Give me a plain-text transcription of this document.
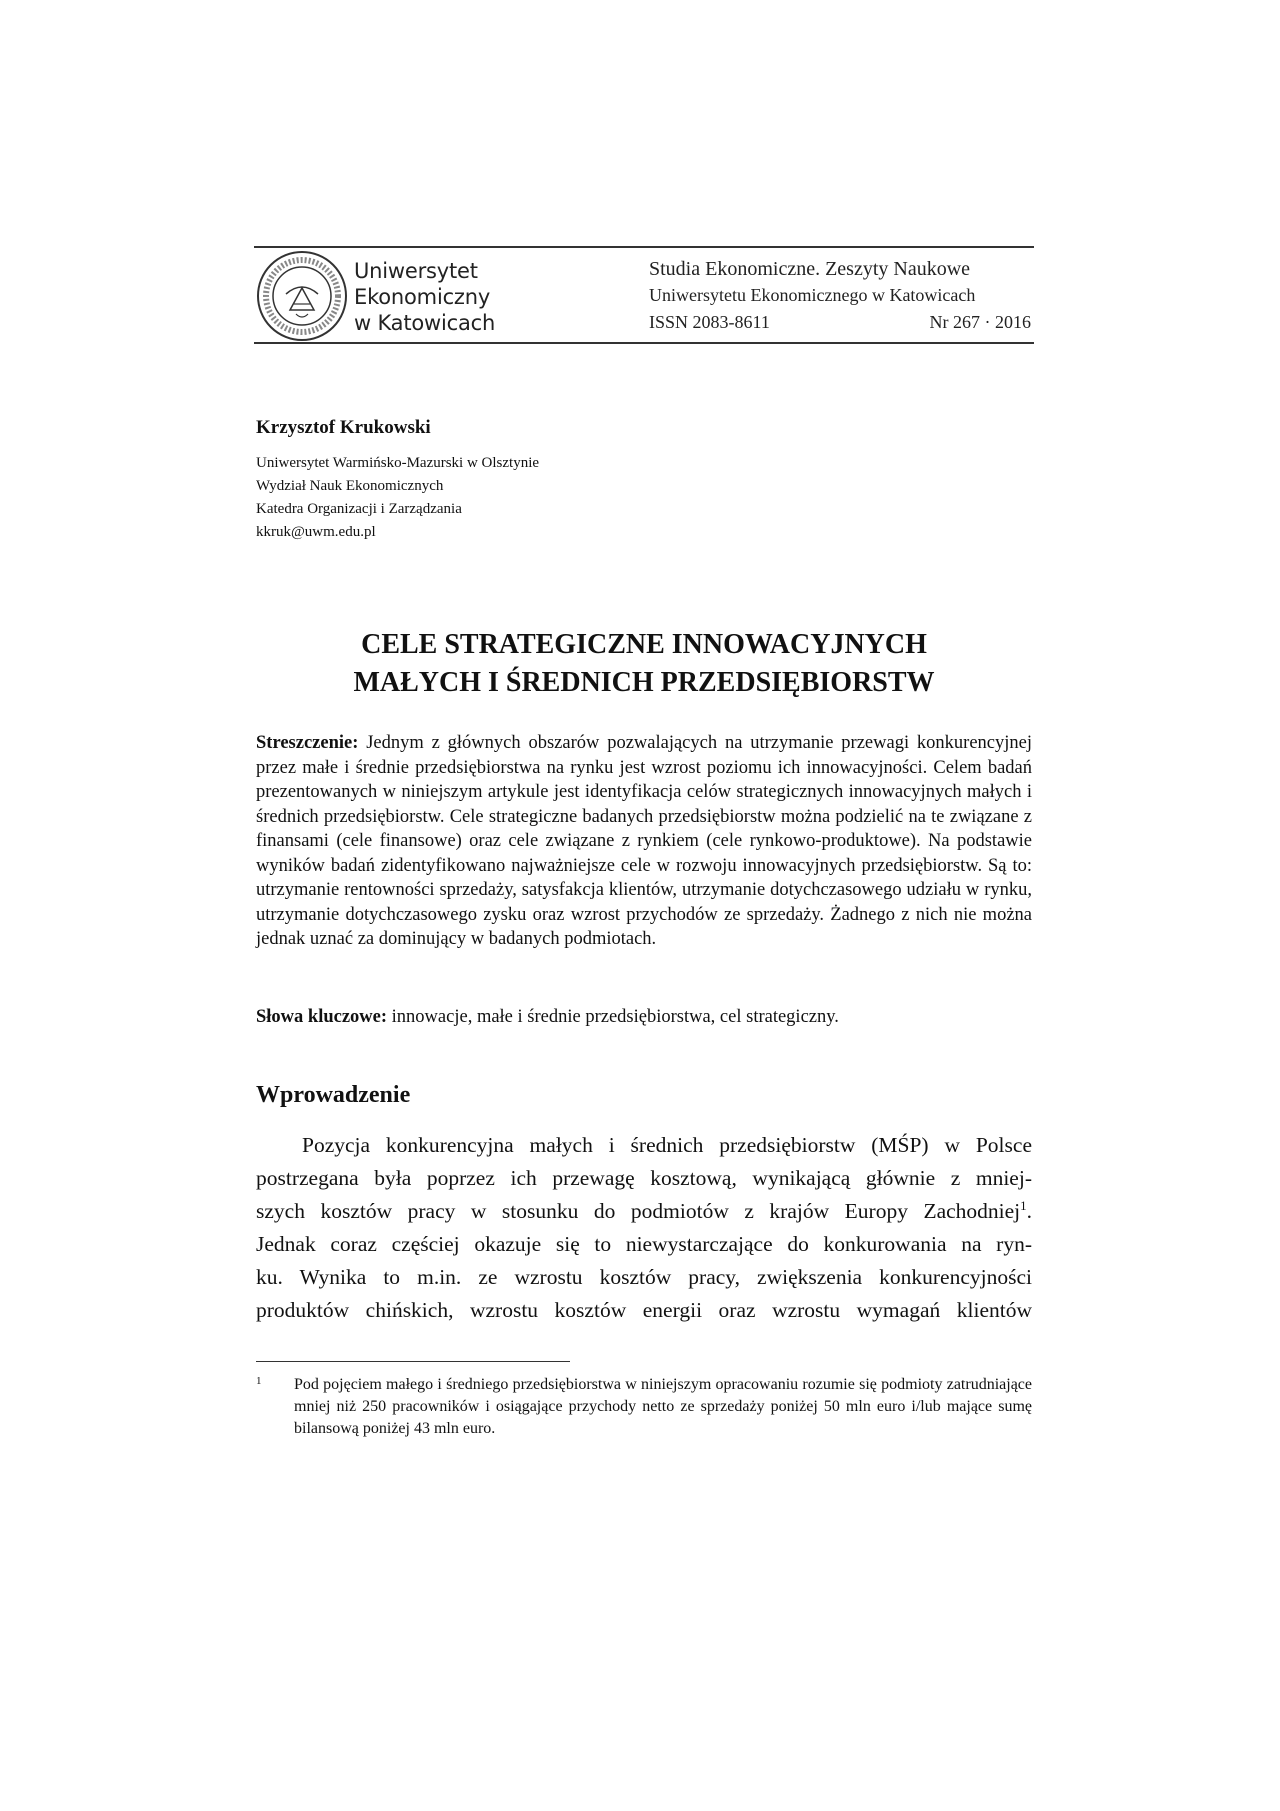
Uniwersytet
Ekonomiczny
w Katowicach
Studia Ekonomiczne. Zeszyty Naukowe
Uniwersytetu Ekonomicznego w Katowicach
ISSN 2083-8611	Nr 267 · 2016
Krzysztof Krukowski
Uniwersytet Warmińsko-Mazurski w Olsztynie
Wydział Nauk Ekonomicznych
Katedra Organizacji i Zarządzania
kkruk@uwm.edu.pl
CELE STRATEGICZNE INNOWACYJNYCH
MAŁYCH I ŚREDNICH PRZEDSIĘBIORSTW
Streszczenie: Jednym z głównych obszarów pozwalających na utrzymanie przewagi konkurencyjnej przez małe i średnie przedsiębiorstwa na rynku jest wzrost poziomu ich innowacyjności. Celem badań prezentowanych w niniejszym artykule jest identyfikacja celów strategicznych innowacyjnych małych i średnich przedsiębiorstw. Cele strategiczne badanych przedsiębiorstw można podzielić na te związane z finansami (cele finansowe) oraz cele związane z rynkiem (cele rynkowo-produktowe). Na podstawie wyników badań zidentyfikowano najważniejsze cele w rozwoju innowacyjnych przedsiębiorstw. Są to: utrzymanie rentowności sprzedaży, satysfakcja klientów, utrzymanie dotychczasowego udziału w rynku, utrzymanie dotychczasowego zysku oraz wzrost przychodów ze sprzedaży. Żadnego z nich nie można jednak uznać za dominujący w badanych podmiotach.
Słowa kluczowe: innowacje, małe i średnie przedsiębiorstwa, cel strategiczny.
Wprowadzenie
Pozycja konkurencyjna małych i średnich przedsiębiorstw (MŚP) w Polsce
postrzegana była poprzez ich przewagę kosztową, wynikającą głównie z mniej-
szych kosztów pracy w stosunku do podmiotów z krajów Europy Zachodniej$^1$.
Jednak coraz częściej okazuje się to niewystarczające do konkurowania na ryn-
ku. Wynika to m.in. ze wzrostu kosztów pracy, zwiększenia konkurencyjności
produktów chińskich, wzrostu kosztów energii oraz wzrostu wymagań klientów
1	Pod pojęciem małego i średniego przedsiębiorstwa w niniejszym opracowaniu rozumie się podmioty zatrudniające mniej niż 250 pracowników i osiągające przychody netto ze sprzedaży poniżej 50 mln euro i/lub mające sumę bilansową poniżej 43 mln euro.
